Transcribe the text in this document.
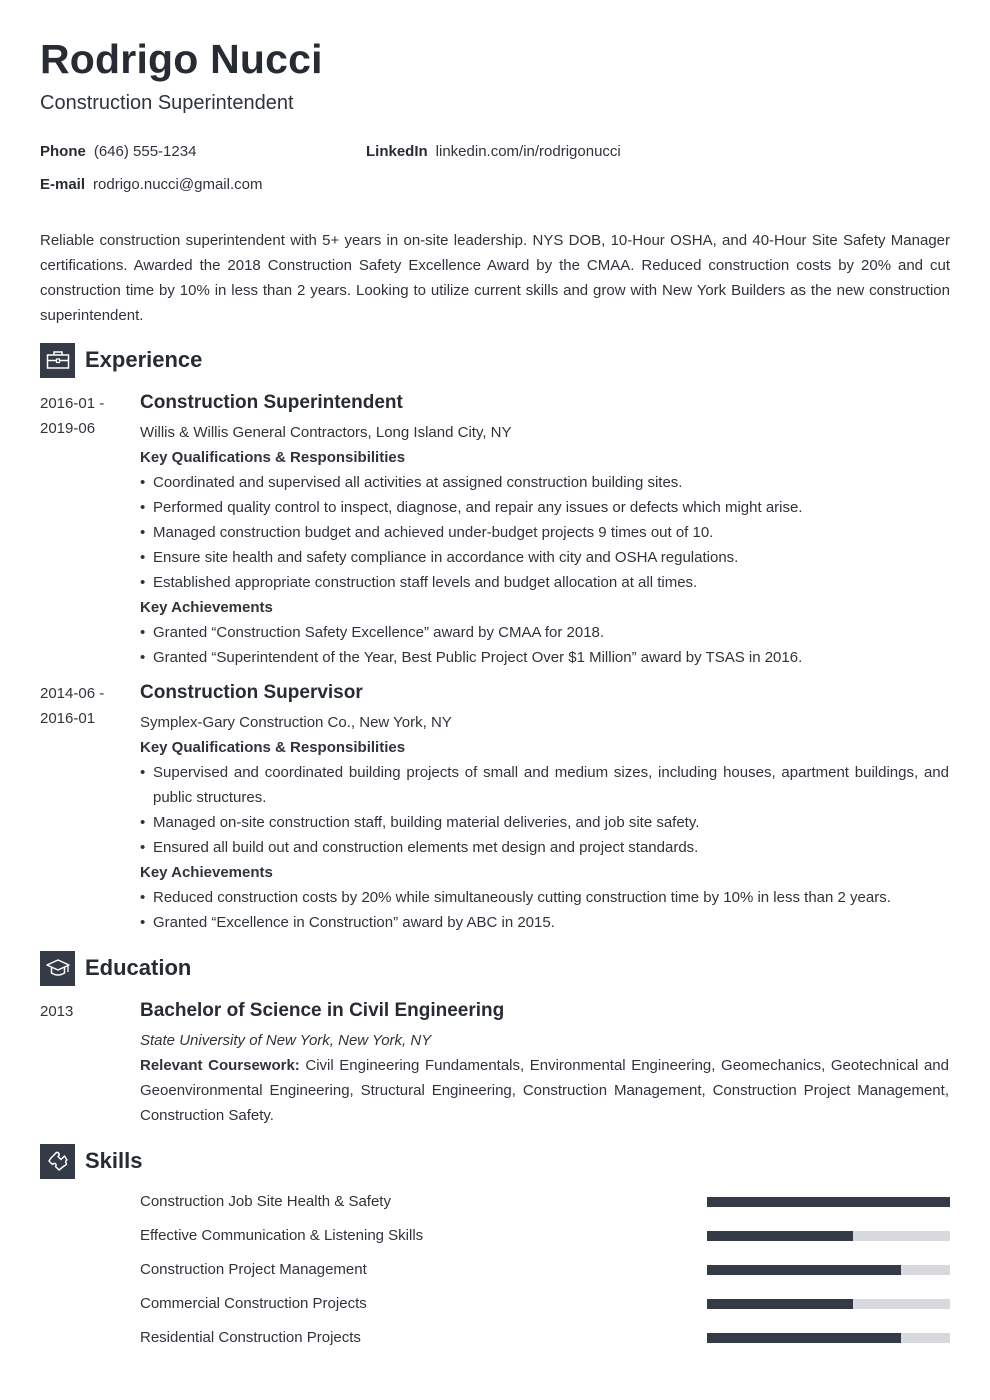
Rodrigo Nucci
Construction Superintendent
Phone (646) 555-1234	LinkedIn linkedin.com/in/rodrigonucci
E-mail rodrigo.nucci@gmail.com
Reliable construction superintendent with 5+ years in on-site leadership. NYS DOB, 10-Hour OSHA, and 40-Hour Site Safety Manager certifications. Awarded the 2018 Construction Safety Excellence Award by the CMAA. Reduced construction costs by 20% and cut construction time by 10% in less than 2 years. Looking to utilize current skills and grow with New York Builders as the new construction superintendent.
Experience
2016-01 -
2019-06
Construction Superintendent
Willis & Willis General Contractors, Long Island City, NY
Key Qualifications & Responsibilities
• Coordinated and supervised all activities at assigned construction building sites.
• Performed quality control to inspect, diagnose, and repair any issues or defects which might arise.
• Managed construction budget and achieved under-budget projects 9 times out of 10.
• Ensure site health and safety compliance in accordance with city and OSHA regulations.
• Established appropriate construction staff levels and budget allocation at all times.
Key Achievements
• Granted “Construction Safety Excellence” award by CMAA for 2018.
• Granted “Superintendent of the Year, Best Public Project Over $1 Million” award by TSAS in 2016.
2014-06 -
2016-01
Construction Supervisor
Symplex-Gary Construction Co., New York, NY
Key Qualifications & Responsibilities
• Supervised and coordinated building projects of small and medium sizes, including houses, apartment buildings, and public structures.
• Managed on-site construction staff, building material deliveries, and job site safety.
• Ensured all build out and construction elements met design and project standards.
Key Achievements
• Reduced construction costs by 20% while simultaneously cutting construction time by 10% in less than 2 years.
• Granted “Excellence in Construction” award by ABC in 2015.
Education
2013	Bachelor of Science in Civil Engineering
State University of New York, New York, NY
Relevant Coursework: Civil Engineering Fundamentals, Environmental Engineering, Geomechanics, Geotechnical and Geoenvironmental Engineering, Structural Engineering, Construction Management, Construction Project Management, Construction Safety.
Skills
Construction Job Site Health & Safety
Effective Communication & Listening Skills
Construction Project Management
Commercial Construction Projects
Residential Construction Projects
